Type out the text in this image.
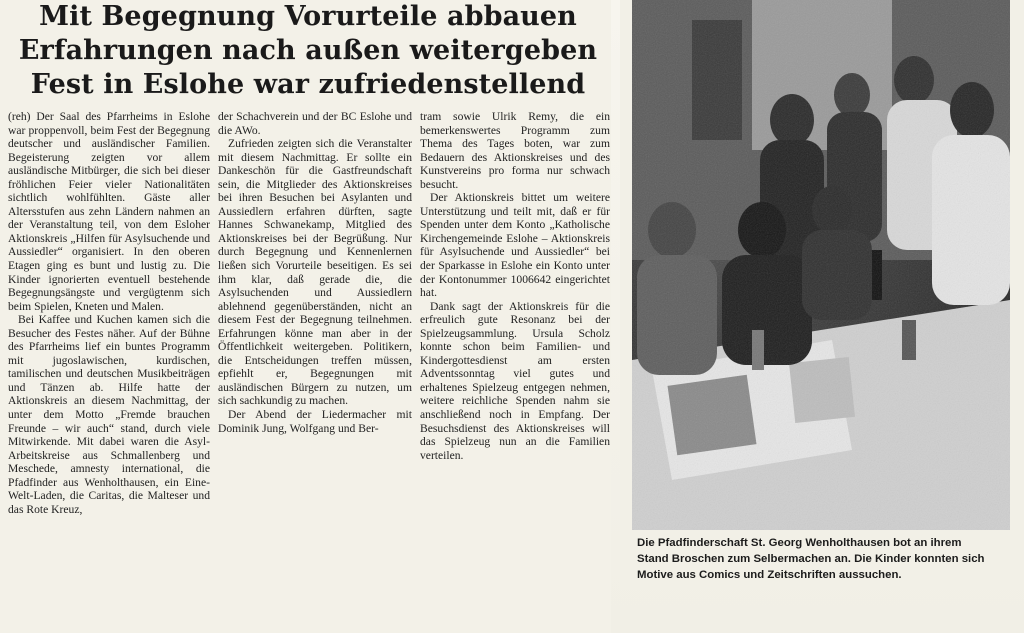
Mit Begegnung Vorurteile abbauen
Erfahrungen nach außen weitergeben
Fest in Eslohe war zufriedenstellend

(reh) Der Saal des Pfarrheims in Eslohe war proppenvoll, beim Fest der Begegnung deutscher und ausländischer Familien. Begeisterung zeigten vor allem ausländische Mitbürger, die sich bei dieser fröhlichen Feier vieler Nationalitäten sichtlich wohlfühlten. Gäste aller Altersstufen aus zehn Ländern nahmen an der Veranstaltung teil, von dem Esloher Aktionskreis „Hilfen für Asylsuchende und Aussiedler“ organisiert. In den oberen Etagen ging es bunt und lustig zu. Die Kinder ignorierten eventuell bestehende Begegnungsängste und vergügtenm sich beim Spielen, Kneten und Malen.

Bei Kaffee und Kuchen kamen sich die Besucher des Festes näher. Auf der Bühne des Pfarrheims lief ein buntes Programm mit jugoslawischen, kurdischen, tamilischen und deutschen Musikbeiträgen und Tänzen ab. Hilfe hatte der Aktionskreis an diesem Nachmittag, der unter dem Motto „Fremde brauchen Freunde – wir auch“ stand, durch viele Mitwirkende. Mit dabei waren die Asyl-Arbeitskreise aus Schmallenberg und Meschede, amnesty international, die Pfadfinder aus Wenholthausen, ein Eine-Welt-Laden, die Caritas, die Malteser und das Rote Kreuz,

der Schachverein und der BC Eslohe und die AWo.

Zufrieden zeigten sich die Veranstalter mit diesem Nachmittag. Er sollte ein Dankeschön für die Gastfreundschaft sein, die Mitglieder des Aktionskreises bei ihren Besuchen bei Asylanten und Aussiedlern erfahren dürften, sagte Hannes Schwanekamp, Mitglied des Aktionskreises bei der Begrüßung. Nur durch Begegnung und Kennenlernen ließen sich Vorurteile beseitigen. Es sei ihm klar, daß gerade die, die Asylsuchenden und Aussiedlern ablehnend gegenüberständen, nicht an diesem Fest der Begegnung teilnehmen. Erfahrungen könne man aber in der Öffentlichkeit weitergeben. Politikern, die Entscheidungen treffen müssen, epfiehlt er, Begegnungen mit ausländischen Bürgern zu nutzen, um sich sachkundig zu machen.

Der Abend der Liedermacher mit Dominik Jung, Wolfgang und Ber-

tram sowie Ulrik Remy, die ein bemerkenswertes Programm zum Thema des Tages boten, war zum Bedauern des Aktionskreises und des Kunstvereins pro forma nur schwach besucht.

Der Aktionskreis bittet um weitere Unterstützung und teilt mit, daß er für Spenden unter dem Konto „Katholische Kirchengemeinde Eslohe – Aktionskreis für Asylsuchende und Aussiedler“ bei der Sparkasse in Eslohe ein Konto unter der Kontonummer 1006642 eingerichtet hat.

Dank sagt der Aktionskreis für die erfreulich gute Resonanz bei der Spielzeugsammlung. Ursula Scholz konnte schon beim Familien- und Kindergottesdienst am ersten Adventssonntag viel gutes und erhaltenes Spielzeug entgegen nehmen, weitere reichliche Spenden nahm sie anschließend noch in Empfang. Der Besuchsdienst des Aktionskreises will das Spielzeug nun an die Familien verteilen.

Die Pfadfinderschaft St. Georg Wenholthausen bot an ihrem
Stand Broschen zum Selbermachen an. Die Kinder konnten sich
Motive aus Comics und Zeitschriften aussuchen.
